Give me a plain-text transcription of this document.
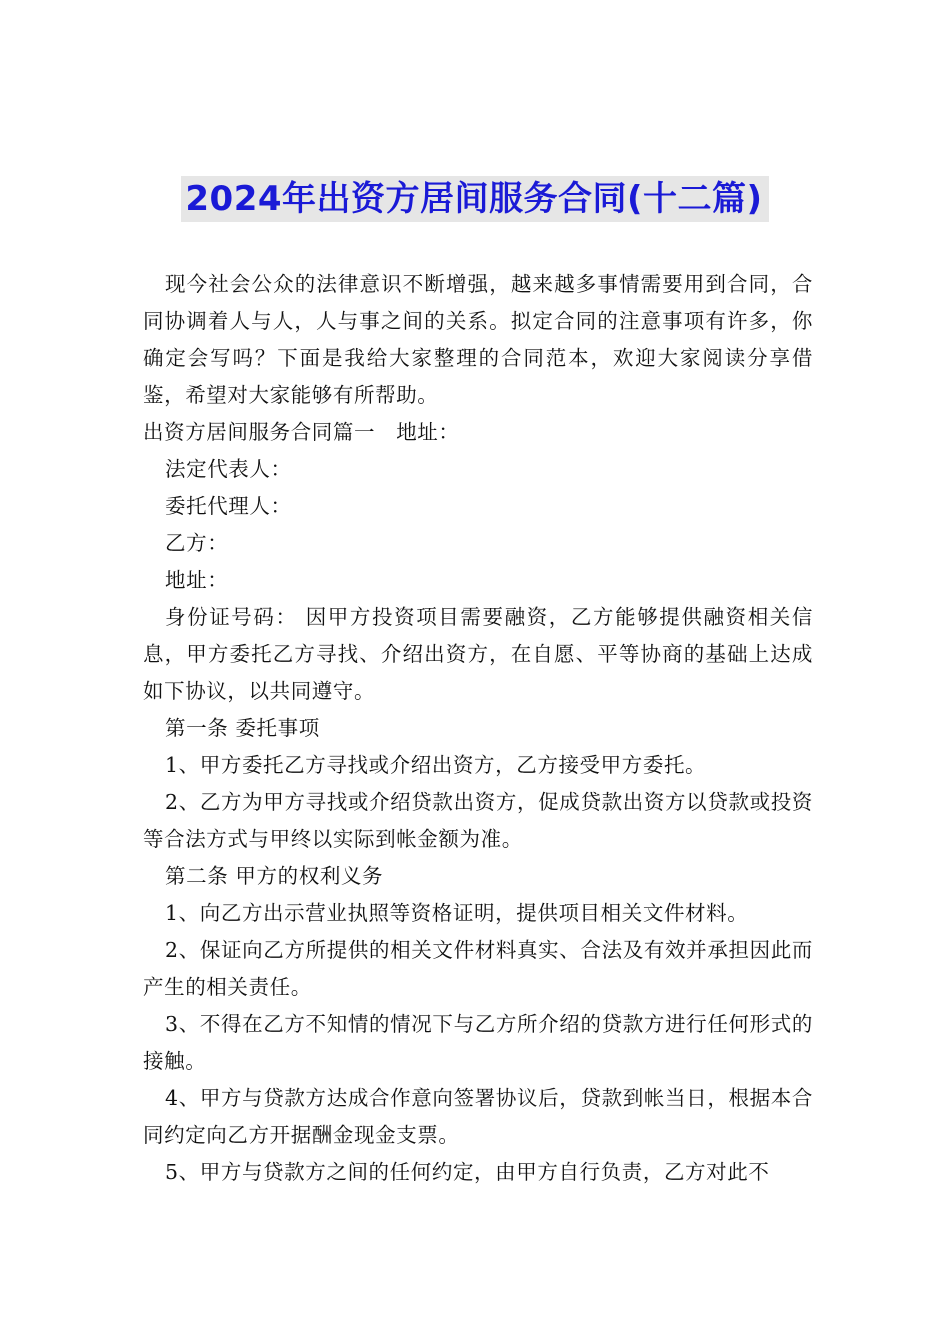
2024年出资方居间服务合同(十二篇)

现今社会公众的法律意识不断增强，越来越多事情需要用到合同，合同协调着人与人，人与事之间的关系。拟定合同的注意事项有许多，你确定会写吗？下面是我给大家整理的合同范本，欢迎大家阅读分享借鉴，希望对大家能够有所帮助。

出资方居间服务合同篇一　地址：

法定代表人：

委托代理人：

乙方：

地址：

身份证号码： 因甲方投资项目需要融资，乙方能够提供融资相关信息，甲方委托乙方寻找、介绍出资方，在自愿、平等协商的基础上达成如下协议，以共同遵守。

第一条 委托事项

1、甲方委托乙方寻找或介绍出资方，乙方接受甲方委托。

2、乙方为甲方寻找或介绍贷款出资方，促成贷款出资方以贷款或投资等合法方式与甲终以实际到帐金额为准。

第二条 甲方的权利义务

1、向乙方出示营业执照等资格证明，提供项目相关文件材料。

2、保证向乙方所提供的相关文件材料真实、合法及有效并承担因此而产生的相关责任。

3、不得在乙方不知情的情况下与乙方所介绍的贷款方进行任何形式的接触。

4、甲方与贷款方达成合作意向签署协议后，贷款到帐当日，根据本合同约定向乙方开据酬金现金支票。

5、甲方与贷款方之间的任何约定，由甲方自行负责，乙方对此不
